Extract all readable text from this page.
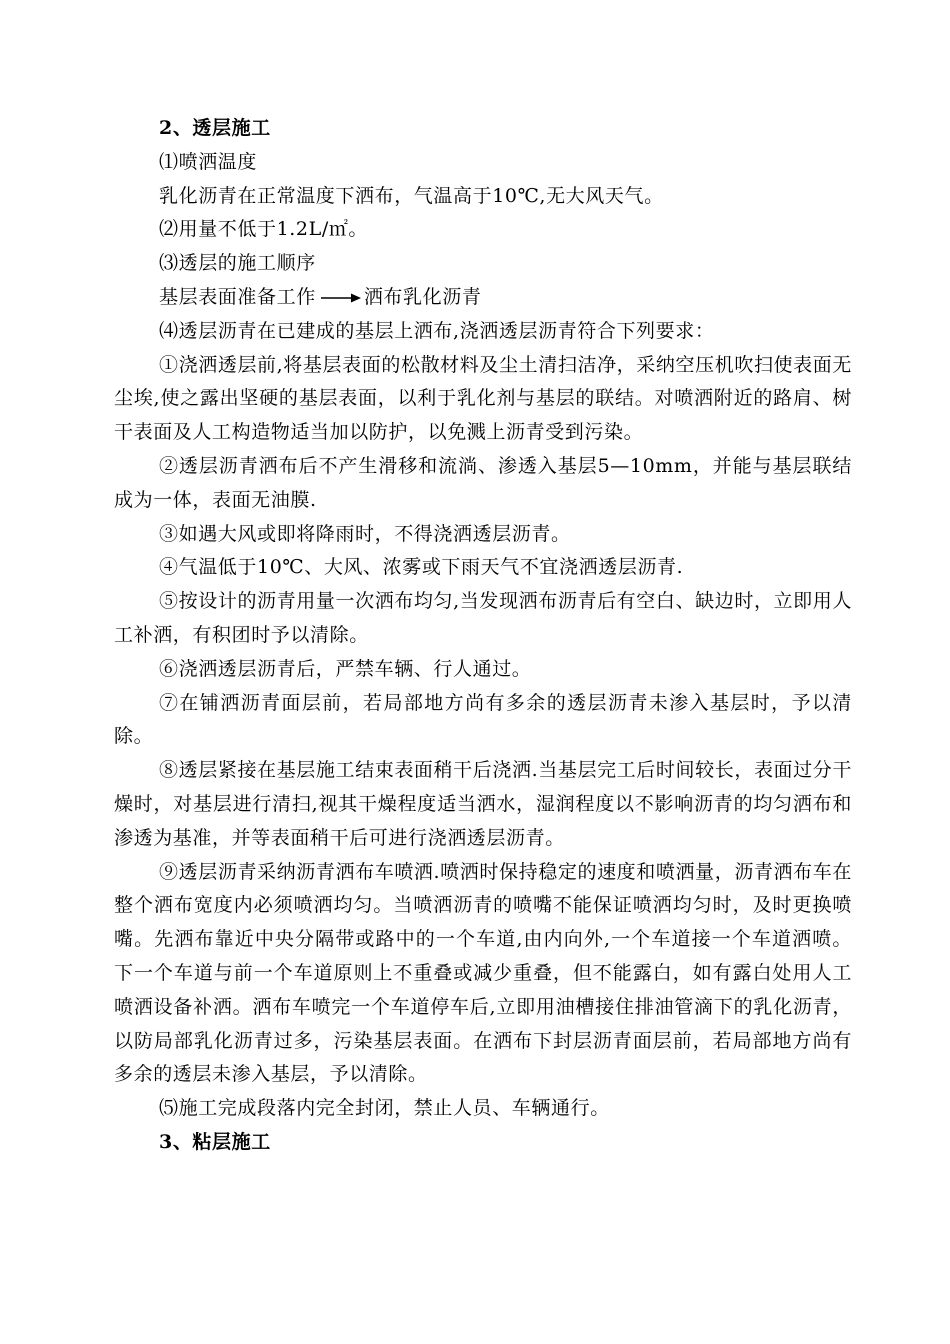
2、透层施工
⑴喷洒温度
乳化沥青在正常温度下洒布，气温高于10℃,无大风天气。
⑵用量不低于1.2L/㎡。
⑶透层的施工顺序
基层表面准备工作	洒布乳化沥青
⑷透层沥青在已建成的基层上洒布,浇洒透层沥青符合下列要求：
①浇洒透层前,将基层表面的松散材料及尘土清扫洁净，采纳空压机吹扫使表面无尘埃,使之露出坚硬的基层表面，以利于乳化剂与基层的联结。对喷洒附近的路肩、树干表面及人工构造物适当加以防护，以免溅上沥青受到污染。
②透层沥青洒布后不产生滑移和流淌、渗透入基层5—10mm，并能与基层联结成为一体，表面无油膜.
③如遇大风或即将降雨时，不得浇洒透层沥青。
④气温低于10℃、大风、浓雾或下雨天气不宜浇洒透层沥青.
⑤按设计的沥青用量一次洒布均匀,当发现洒布沥青后有空白、缺边时，立即用人工补洒，有积团时予以清除。
⑥浇洒透层沥青后，严禁车辆、行人通过。
⑦在铺洒沥青面层前，若局部地方尚有多余的透层沥青未渗入基层时，予以清除。
⑧透层紧接在基层施工结束表面稍干后浇洒.当基层完工后时间较长，表面过分干燥时，对基层进行清扫,视其干燥程度适当洒水，湿润程度以不影响沥青的均匀洒布和渗透为基准，并等表面稍干后可进行浇洒透层沥青。
⑨透层沥青采纳沥青洒布车喷洒.喷洒时保持稳定的速度和喷洒量，沥青洒布车在整个洒布宽度内必须喷洒均匀。当喷洒沥青的喷嘴不能保证喷洒均匀时，及时更换喷嘴。先洒布靠近中央分隔带或路中的一个车道,由内向外,一个车道接一个车道洒喷。下一个车道与前一个车道原则上不重叠或减少重叠，但不能露白，如有露白处用人工喷洒设备补洒。洒布车喷完一个车道停车后,立即用油槽接住排油管滴下的乳化沥青，以防局部乳化沥青过多，污染基层表面。在洒布下封层沥青面层前，若局部地方尚有多余的透层未渗入基层，予以清除。
⑸施工完成段落内完全封闭，禁止人员、车辆通行。
3、粘层施工
